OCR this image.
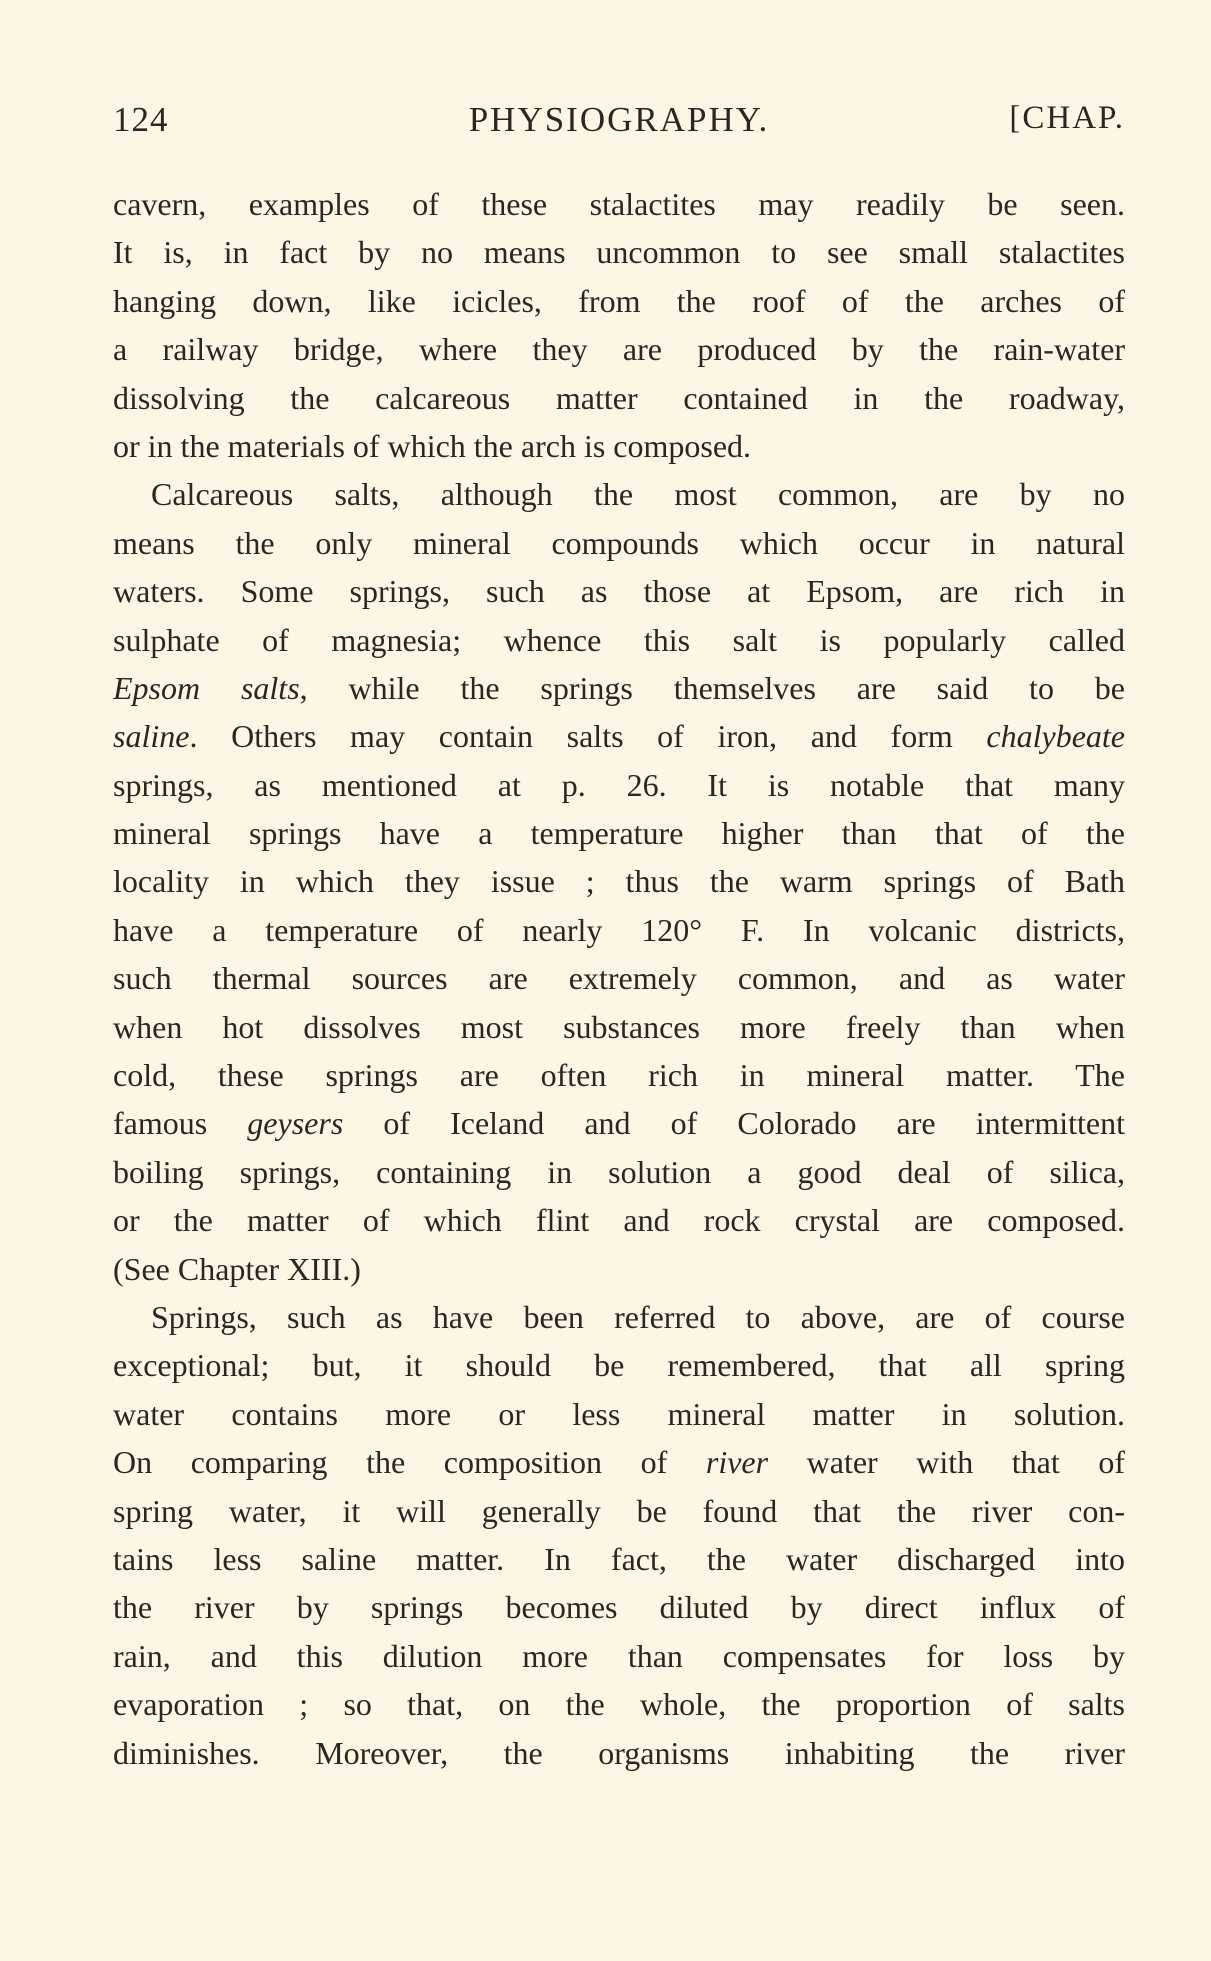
124	PHYSIOGRAPHY.	[CHAP.
cavern, examples of these stalactites may readily be seen.
It is, in fact by no means uncommon to see small stalactites
hanging down, like icicles, from the roof of the arches of
a railway bridge, where they are produced by the rain-water
dissolving the calcareous matter contained in the roadway,
or in the materials of which the arch is composed.
Calcareous salts, although the most common, are by no
means the only mineral compounds which occur in natural
waters. Some springs, such as those at Epsom, are rich in
sulphate of magnesia; whence this salt is popularly called
Epsom salts, while the springs themselves are said to be
saline. Others may contain salts of iron, and form chalybeate
springs, as mentioned at p. 26. It is notable that many
mineral springs have a temperature higher than that of the
locality in which they issue ; thus the warm springs of Bath
have a temperature of nearly 120° F. In volcanic districts,
such thermal sources are extremely common, and as water
when hot dissolves most substances more freely than when
cold, these springs are often rich in mineral matter. The
famous geysers of Iceland and of Colorado are intermittent
boiling springs, containing in solution a good deal of silica,
or the matter of which flint and rock crystal are composed.
(See Chapter XIII.)
Springs, such as have been referred to above, are of course
exceptional; but, it should be remembered, that all spring
water contains more or less mineral matter in solution.
On comparing the composition of river water with that of
spring water, it will generally be found that the river con-
tains less saline matter. In fact, the water discharged into
the river by springs becomes diluted by direct influx of
rain, and this dilution more than compensates for loss by
evaporation ; so that, on the whole, the proportion of salts
diminishes. Moreover, the organisms inhabiting the river
